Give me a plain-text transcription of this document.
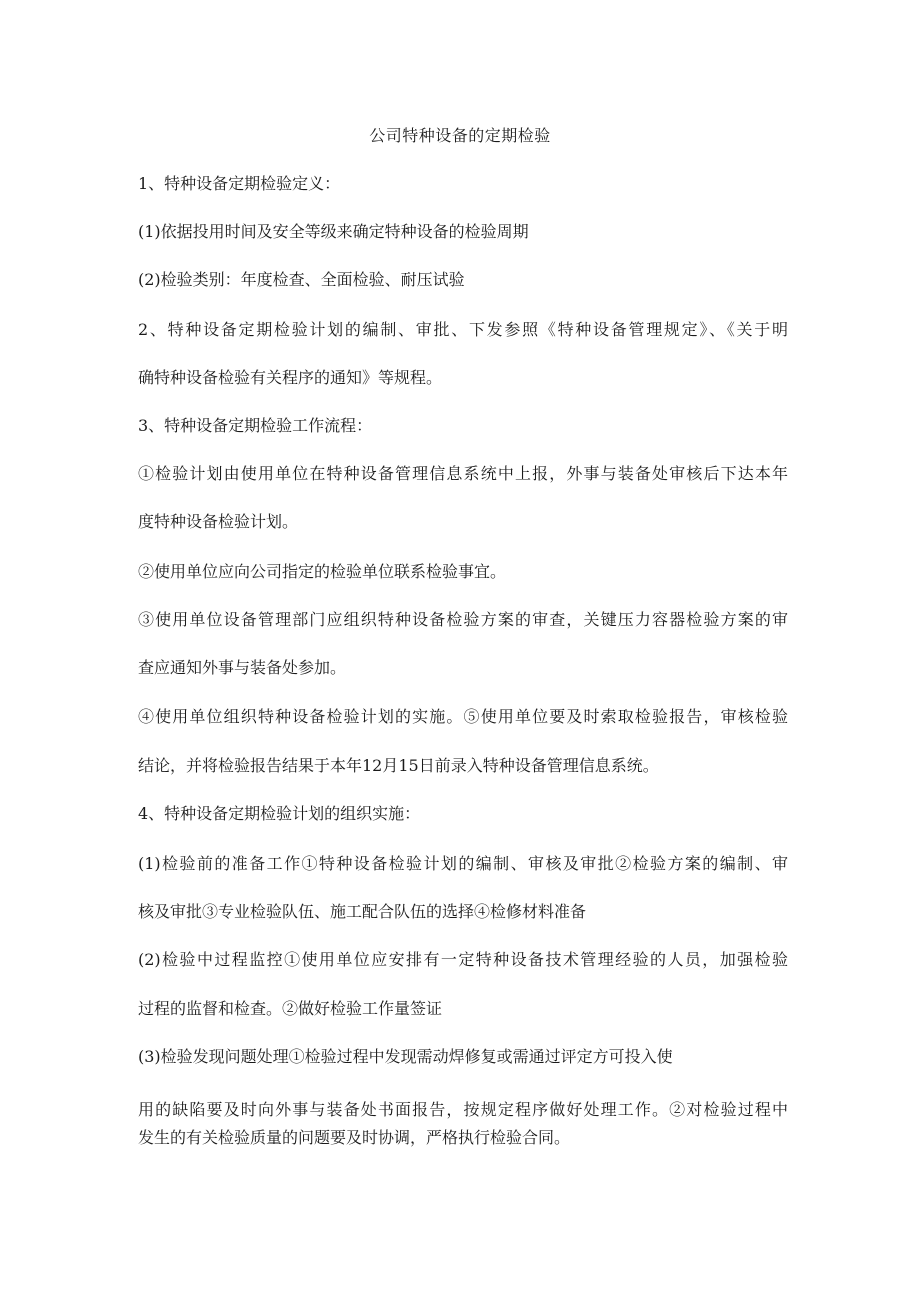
公司特种设备的定期检验

1、特种设备定期检验定义：

(1)依据投用时间及安全等级来确定特种设备的检验周期

(2)检验类别：年度检查、全面检验、耐压试验

2、特种设备定期检验计划的编制、审批、下发参照《特种设备管理规定》、《关于明

确特种设备检验有关程序的通知》等规程。

3、特种设备定期检验工作流程：

①检验计划由使用单位在特种设备管理信息系统中上报，外事与装备处审核后下达本年

度特种设备检验计划。

②使用单位应向公司指定的检验单位联系检验事宜。

③使用单位设备管理部门应组织特种设备检验方案的审查，关键压力容器检验方案的审

查应通知外事与装备处参加。

④使用单位组织特种设备检验计划的实施。⑤使用单位要及时索取检验报告，审核检验

结论，并将检验报告结果于本年12月15日前录入特种设备管理信息系统。

4、特种设备定期检验计划的组织实施：

(1)检验前的准备工作①特种设备检验计划的编制、审核及审批②检验方案的编制、审

核及审批③专业检验队伍、施工配合队伍的选择④检修材料准备

(2)检验中过程监控①使用单位应安排有一定特种设备技术管理经验的人员，加强检验

过程的监督和检查。②做好检验工作量签证

(3)检验发现问题处理①检验过程中发现需动焊修复或需通过评定方可投入使

用的缺陷要及时向外事与装备处书面报告，按规定程序做好处理工作。②对检验过程中

发生的有关检验质量的问题要及时协调，严格执行检验合同。
